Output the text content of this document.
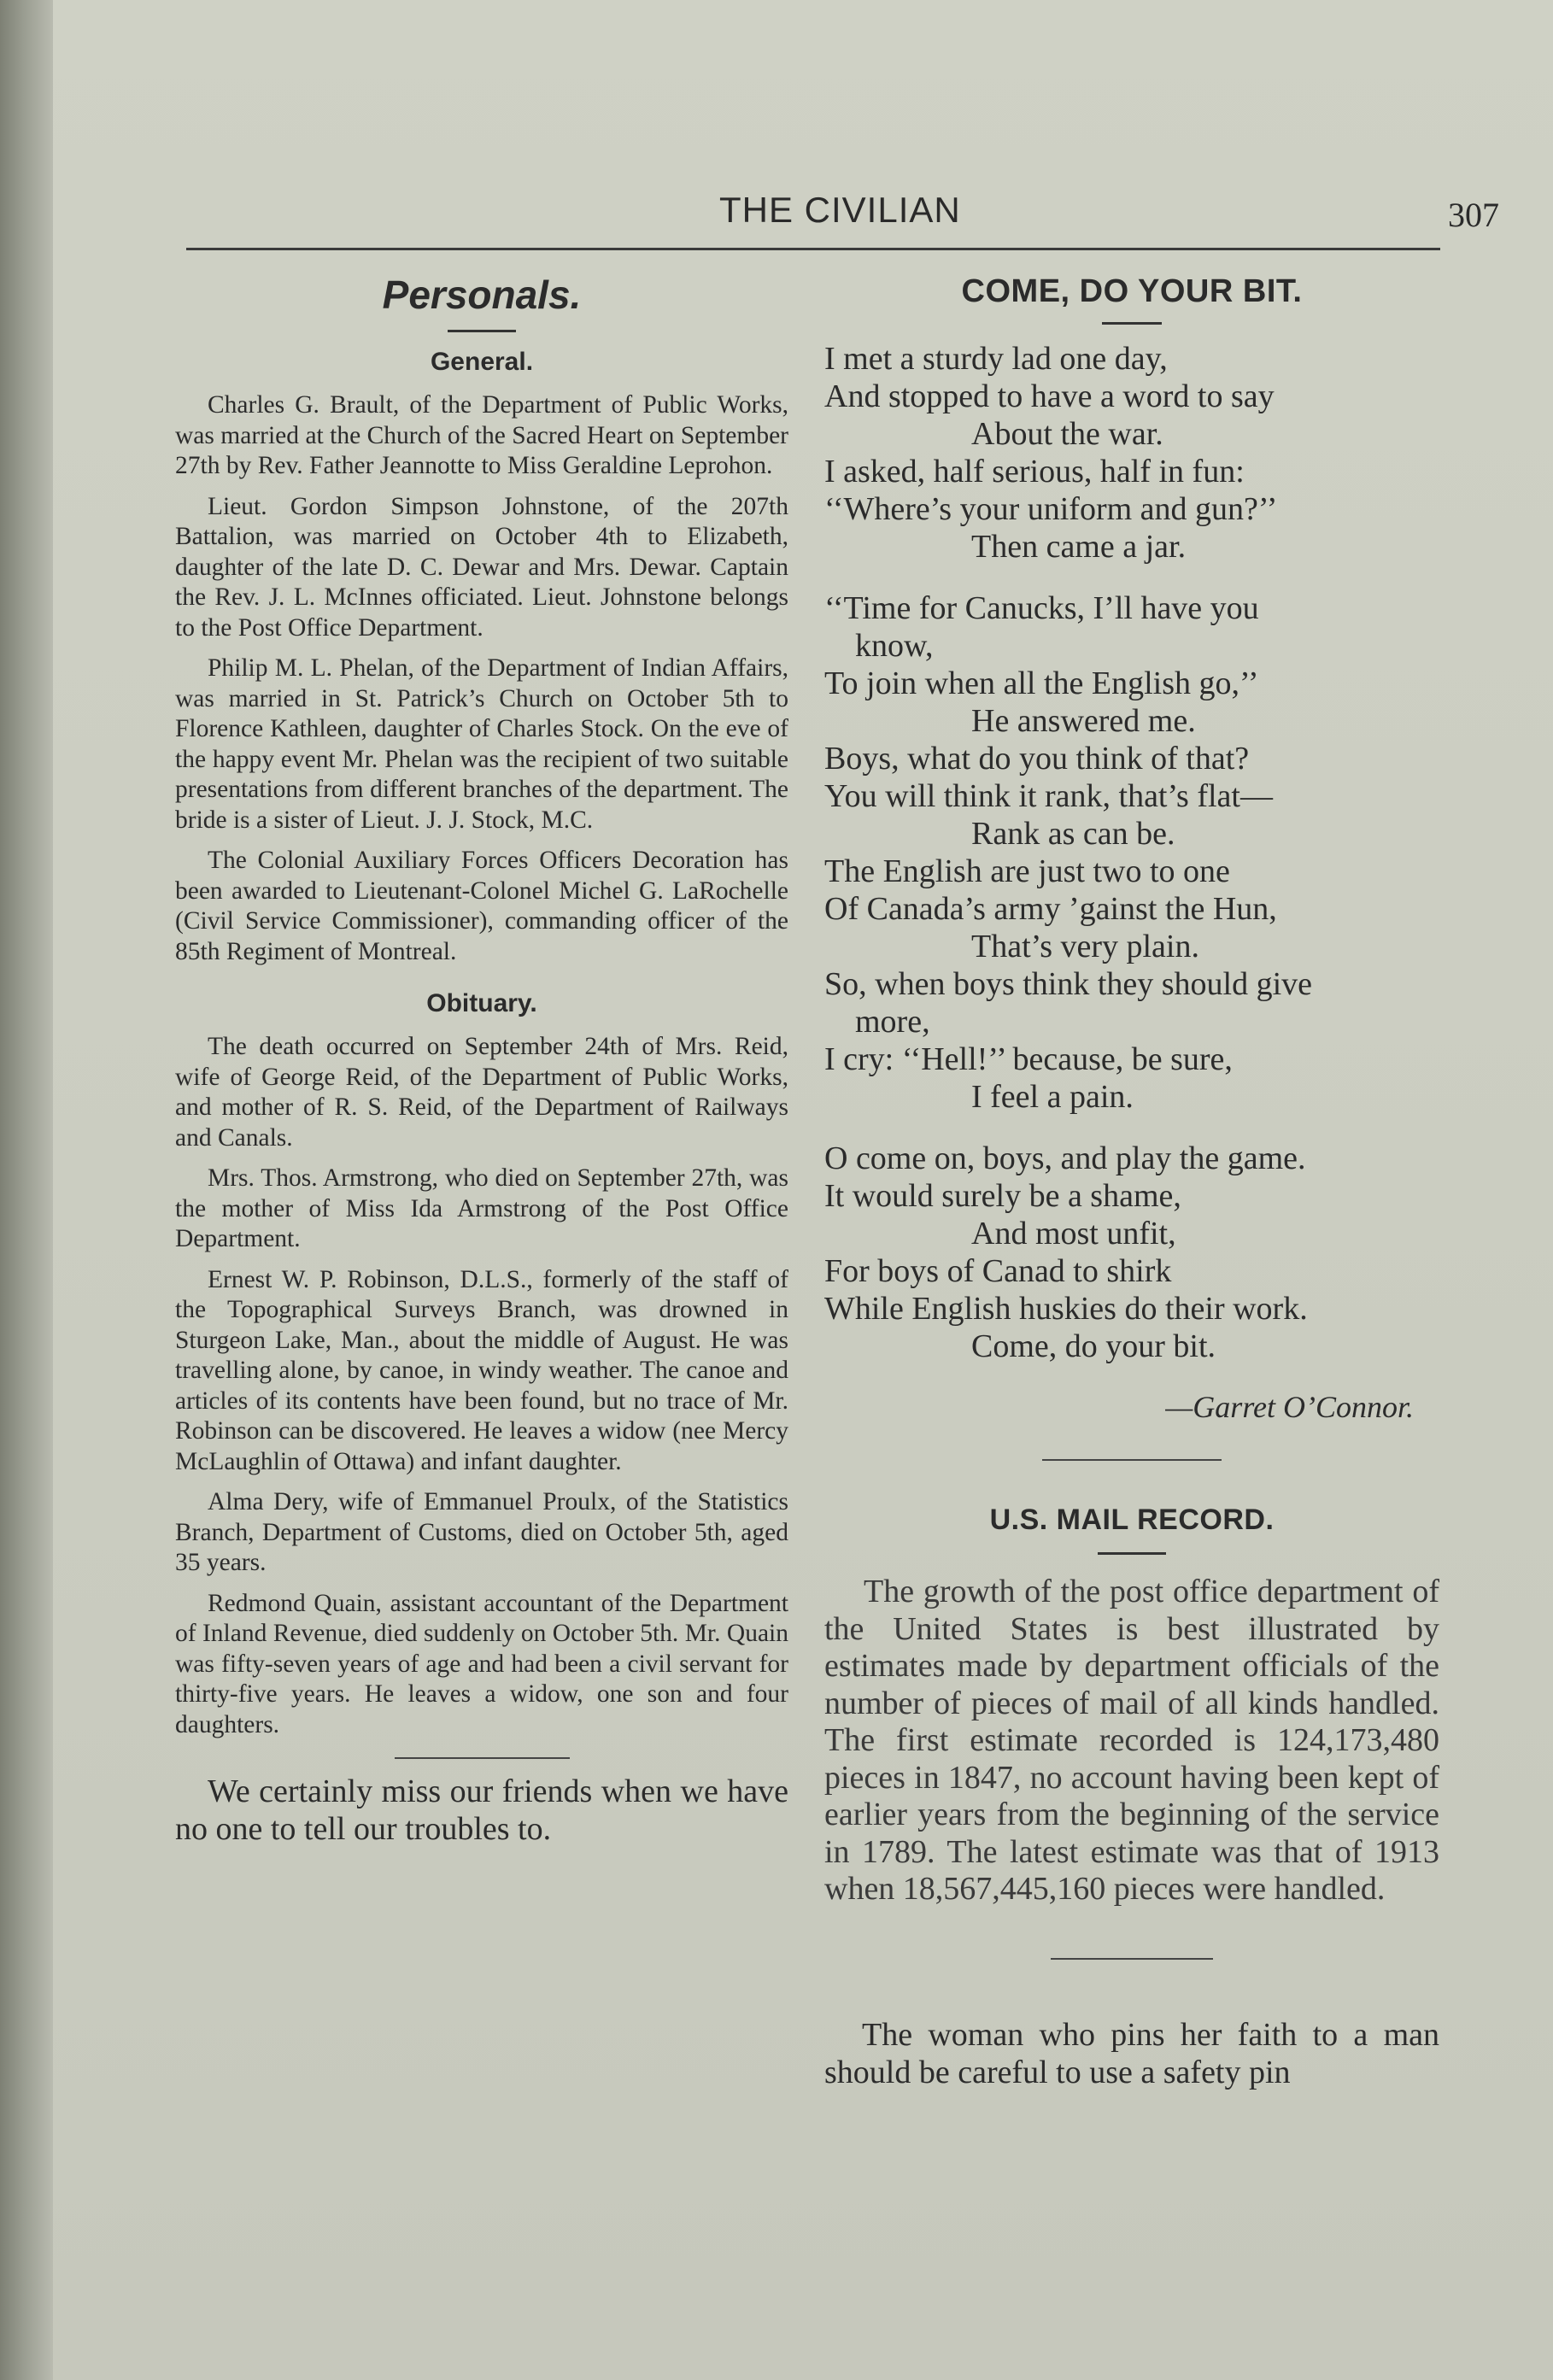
THE CIVILIAN	307
Personals.
General.

Charles G. Brault, of the Department of Public Works, was married at the Church of the Sacred Heart on September 27th by Rev. Father Jeannotte to Miss Geraldine Leprohon.

Lieut. Gordon Simpson Johnstone, of the 207th Battalion, was married on October 4th to Elizabeth, daughter of the late D. C. Dewar and Mrs. Dewar. Captain the Rev. J. L. McInnes officiated. Lieut. Johnstone belongs to the Post Office Department.

Philip M. L. Phelan, of the Department of Indian Affairs, was married in St. Patrick’s Church on October 5th to Florence Kathleen, daughter of Charles Stock. On the eve of the happy event Mr. Phelan was the recipient of two suitable presentations from different branches of the department. The bride is a sister of Lieut. J. J. Stock, M.C.

The Colonial Auxiliary Forces Officers Decoration has been awarded to Lieutenant-Colonel Michel G. LaRochelle (Civil Service Commissioner), commanding officer of the 85th Regiment of Montreal.

Obituary.

The death occurred on September 24th of Mrs. Reid, wife of George Reid, of the Department of Public Works, and mother of R. S. Reid, of the Department of Railways and Canals.

Mrs. Thos. Armstrong, who died on September 27th, was the mother of Miss Ida Armstrong of the Post Office Department.

Ernest W. P. Robinson, D.L.S., formerly of the staff of the Topographical Surveys Branch, was drowned in Sturgeon Lake, Man., about the middle of August. He was travelling alone, by canoe, in windy weather. The canoe and articles of its contents have been found, but no trace of Mr. Robinson can be discovered. He leaves a widow (nee Mercy McLaughlin of Ottawa) and infant daughter.

Alma Dery, wife of Emmanuel Proulx, of the Statistics Branch, Department of Customs, died on October 5th, aged 35 years.

Redmond Quain, assistant accountant of the Department of Inland Revenue, died suddenly on October 5th. Mr. Quain was fifty-seven years of age and had been a civil servant for thirty-five years. He leaves a widow, one son and four daughters.

We certainly miss our friends when we have no one to tell our troubles to.

COME, DO YOUR BIT.
I met a sturdy lad one day,
And stopped to have a word to say
About the war.
I asked, half serious, half in fun:
‘‘Where’s your uniform and gun?’’
Then came a jar.
‘‘Time for Canucks, I’ll have you
know,
To join when all the English go,’’
He answered me.
Boys, what do you think of that?
You will think it rank, that’s flat—
Rank as can be.
The English are just two to one
Of Canada’s army ’gainst the Hun,
That’s very plain.
So, when boys think they should give
more,
I cry: ‘‘Hell!’’ because, be sure,
I feel a pain.
O come on, boys, and play the game.
It would surely be a shame,
And most unfit,
For boys of Canad to shirk
While English huskies do their work.
Come, do your bit.
—Garret O’Connor.
U.S. MAIL RECORD.

The growth of the post office department of the United States is best illustrated by estimates made by department officials of the number of pieces of mail of all kinds handled. The first estimate recorded is 124,173,480 pieces in 1847, no account having been kept of earlier years from the beginning of the service in 1789. The latest estimate was that of 1913 when 18,567,445,160 pieces were handled.

The woman who pins her faith to a man should be careful to use a safety pin
